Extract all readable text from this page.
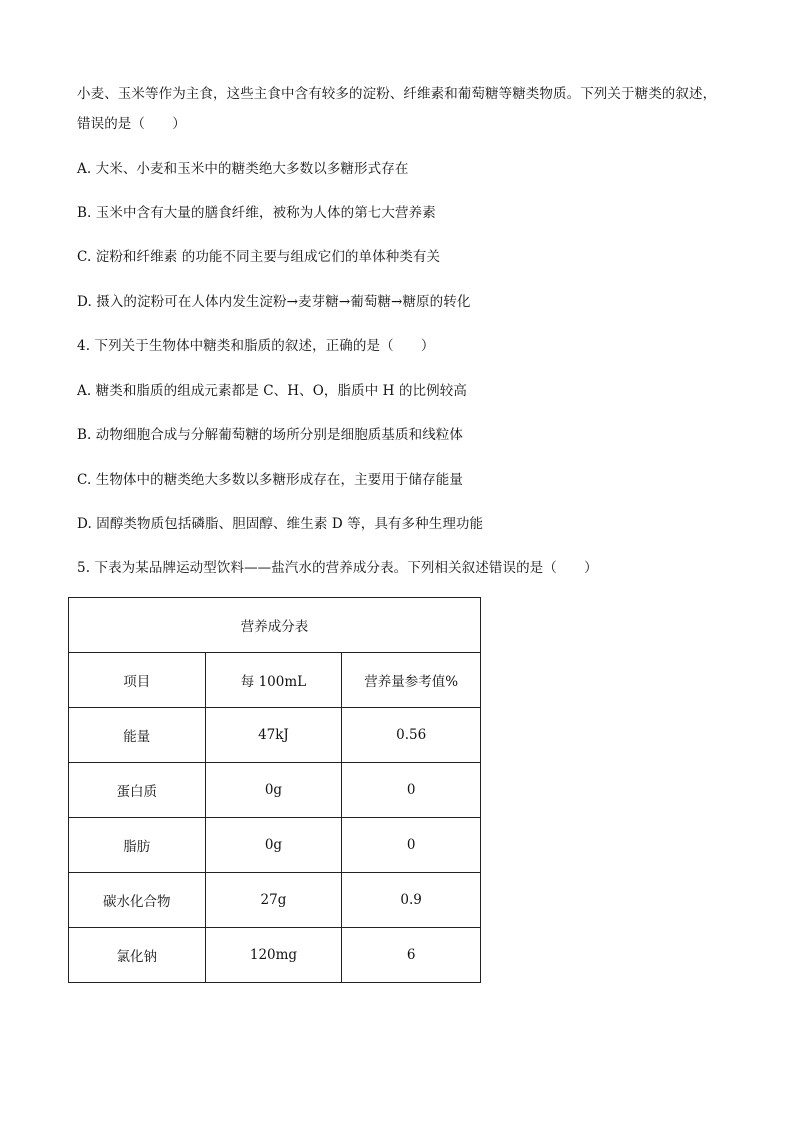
小麦、玉米等作为主食，这些主食中含有较多的淀粉、纤维素和葡萄糖等糖类物质。下列关于糖类的叙述，
错误的是（　　）
A. 大米、小麦和玉米中的糖类绝大多数以多糖形式存在
B. 玉米中含有大量的膳食纤维，被称为人体的第七大营养素
C. 淀粉和纤维素 的功能不同主要与组成它们的单体种类有关
D. 摄入的淀粉可在人体内发生淀粉→麦芽糖→葡萄糖→糖原的转化
4. 下列关于生物体中糖类和脂质的叙述，正确的是（　　）
A. 糖类和脂质的组成元素都是 C、H、O，脂质中 H 的比例较高
B. 动物细胞合成与分解葡萄糖的场所分别是细胞质基质和线粒体
C. 生物体中的糖类绝大多数以多糖形成存在，主要用于储存能量
D. 固醇类物质包括磷脂、胆固醇、维生素 D 等，具有多种生理功能
5. 下表为某品牌运动型饮料——盐汽水的营养成分表。下列相关叙述错误的是（　　）
营养成分表		
项目	每 100mL	营养量参考值%
能量	47kJ	0.56
蛋白质	0g	0
脂肪	0g	0
碳水化合物	27g	0.9
氯化钠	120mg	6
